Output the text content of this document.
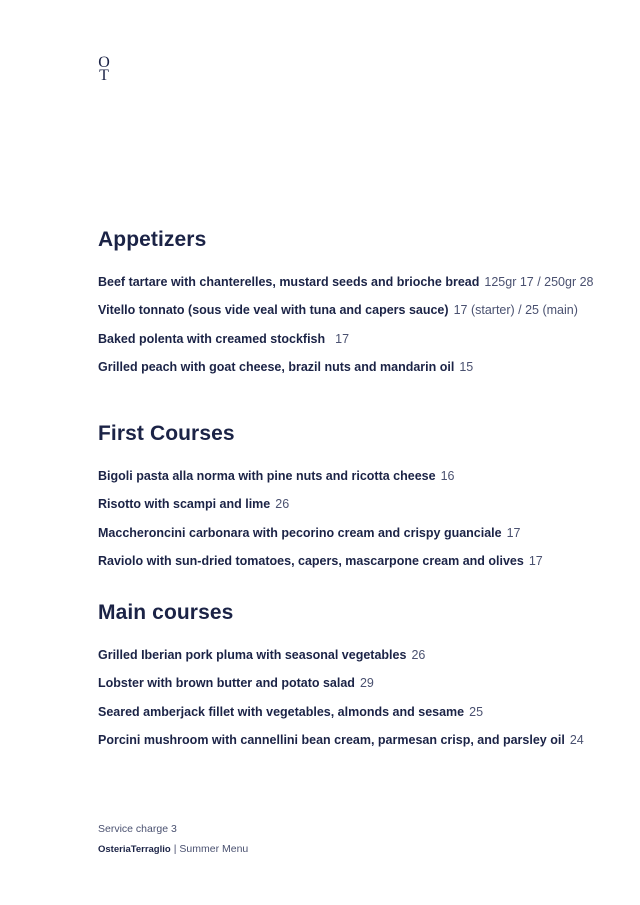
O
T
Appetizers
Beef tartare with chanterelles, mustard seeds and brioche bread 125gr 17 / 250gr 28
Vitello tonnato (sous vide veal with tuna and capers sauce) 17 (starter) / 25 (main)
Baked polenta with creamed stockfish 17
Grilled peach with goat cheese, brazil nuts and mandarin oil 15
First Courses
Bigoli pasta alla norma with pine nuts and ricotta cheese 16
Risotto with scampi and lime 26
Maccheroncini carbonara with pecorino cream and crispy guanciale 17
Raviolo with sun-dried tomatoes, capers, mascarpone cream and olives 17
Main courses
Grilled Iberian pork pluma with seasonal vegetables 26
Lobster with brown butter and potato salad 29
Seared amberjack fillet with vegetables, almonds and sesame 25
Porcini mushroom with cannellini bean cream, parmesan crisp, and parsley oil 24
Service charge 3
OsteriaTerraglio | Summer Menu
